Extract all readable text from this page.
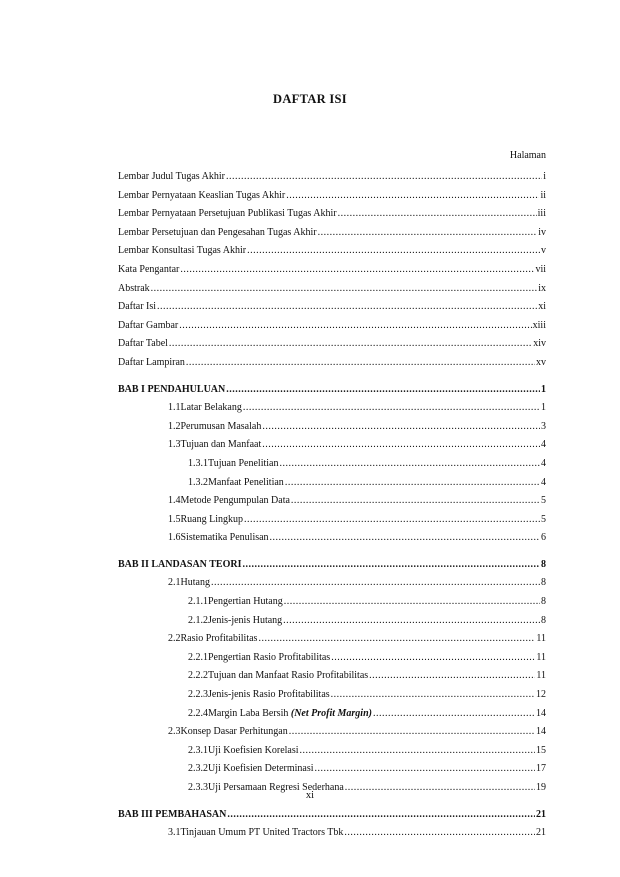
DAFTAR ISI
Halaman
Lembar Judul Tugas Akhir .....	i
Lembar Pernyataan Keaslian Tugas Akhir .....	ii
Lembar Pernyataan Persetujuan Publikasi Tugas Akhir .....	iii
Lembar Persetujuan dan Pengesahan Tugas Akhir .....	iv
Lembar Konsultasi Tugas Akhir .....	v
Kata Pengantar .....	vii
Abstrak .....	ix
Daftar Isi .....	xi
Daftar Gambar .....	xiii
Daftar Tabel .....	xiv
Daftar Lampiran .....	xv
BAB I PENDAHULUAN .....	1
1.1 Latar Belakang .....	1
1.2 Perumusan Masalah .....	3
1.3 Tujuan dan Manfaat .....	4
1.3.1 Tujuan Penelitian .....	4
1.3.2 Manfaat Penelitian .....	4
1.4 Metode Pengumpulan Data .....	5
1.5 Ruang Lingkup .....	5
1.6 Sistematika Penulisan .....	6
BAB II LANDASAN TEORI .....	8
2.1 Hutang .....	8
2.1.1 Pengertian Hutang .....	8
2.1.2 Jenis-jenis Hutang .....	8
2.2 Rasio Profitabilitas .....	11
2.2.1 Pengertian Rasio Profitabilitas .....	11
2.2.2 Tujuan dan Manfaat Rasio Profitabilitas .....	11
2.2.3 Jenis-jenis Rasio Profitabilitas .....	12
2.2.4 Margin Laba Bersih (Net Profit Margin) .....	14
2.3 Konsep Dasar Perhitungan .....	14
2.3.1 Uji Koefisien Korelasi .....	15
2.3.2 Uji Koefisien Determinasi .....	17
2.3.3 Uji Persamaan Regresi Sederhana .....	19
BAB III PEMBAHASAN .....	21
3.1 Tinjauan Umum PT United Tractors Tbk .....	21
xi
